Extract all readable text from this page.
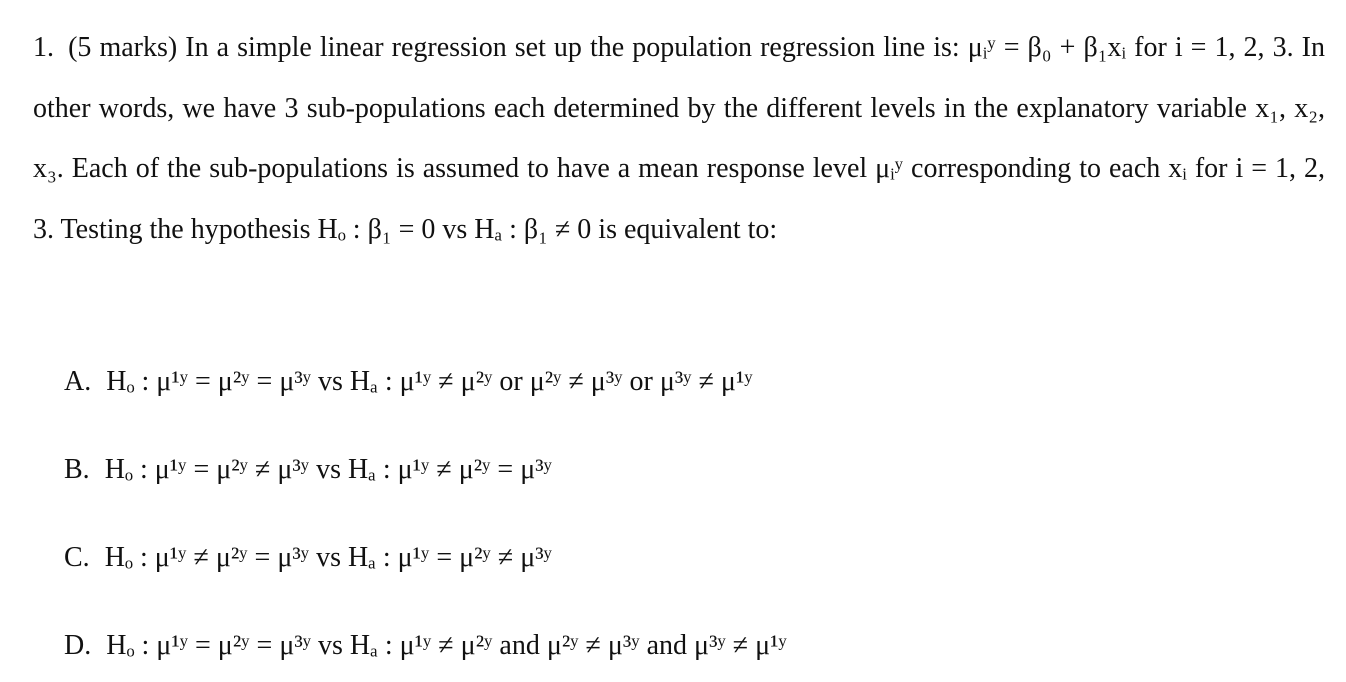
1. (5 marks) In a simple linear regression set up the population regression line is: μᵢʸ = β₀ + β₁xᵢ for i = 1, 2, 3. In other words, we have 3 sub-populations each determined by the different levels in the explanatory variable x₁, x₂, x₃. Each of the sub-populations is assumed to have a mean response level μᵢʸ corresponding to each xᵢ for i = 1, 2, 3. Testing the hypothesis Hₒ : β₁ = 0 vs Hₐ : β₁ ≠ 0 is equivalent to:
A. Hₒ : μ¹ʸ = μ²ʸ = μ³ʸ vs Hₐ : μ¹ʸ ≠ μ²ʸ or μ²ʸ ≠ μ³ʸ or μ³ʸ ≠ μ¹ʸ
B. Hₒ : μ¹ʸ = μ²ʸ ≠ μ³ʸ vs Hₐ : μ¹ʸ ≠ μ²ʸ = μ³ʸ
C. Hₒ : μ¹ʸ ≠ μ²ʸ = μ³ʸ vs Hₐ : μ¹ʸ = μ²ʸ ≠ μ³ʸ
D. Hₒ : μ¹ʸ = μ²ʸ = μ³ʸ vs Hₐ : μ¹ʸ ≠ μ²ʸ and μ²ʸ ≠ μ³ʸ and μ³ʸ ≠ μ¹ʸ
